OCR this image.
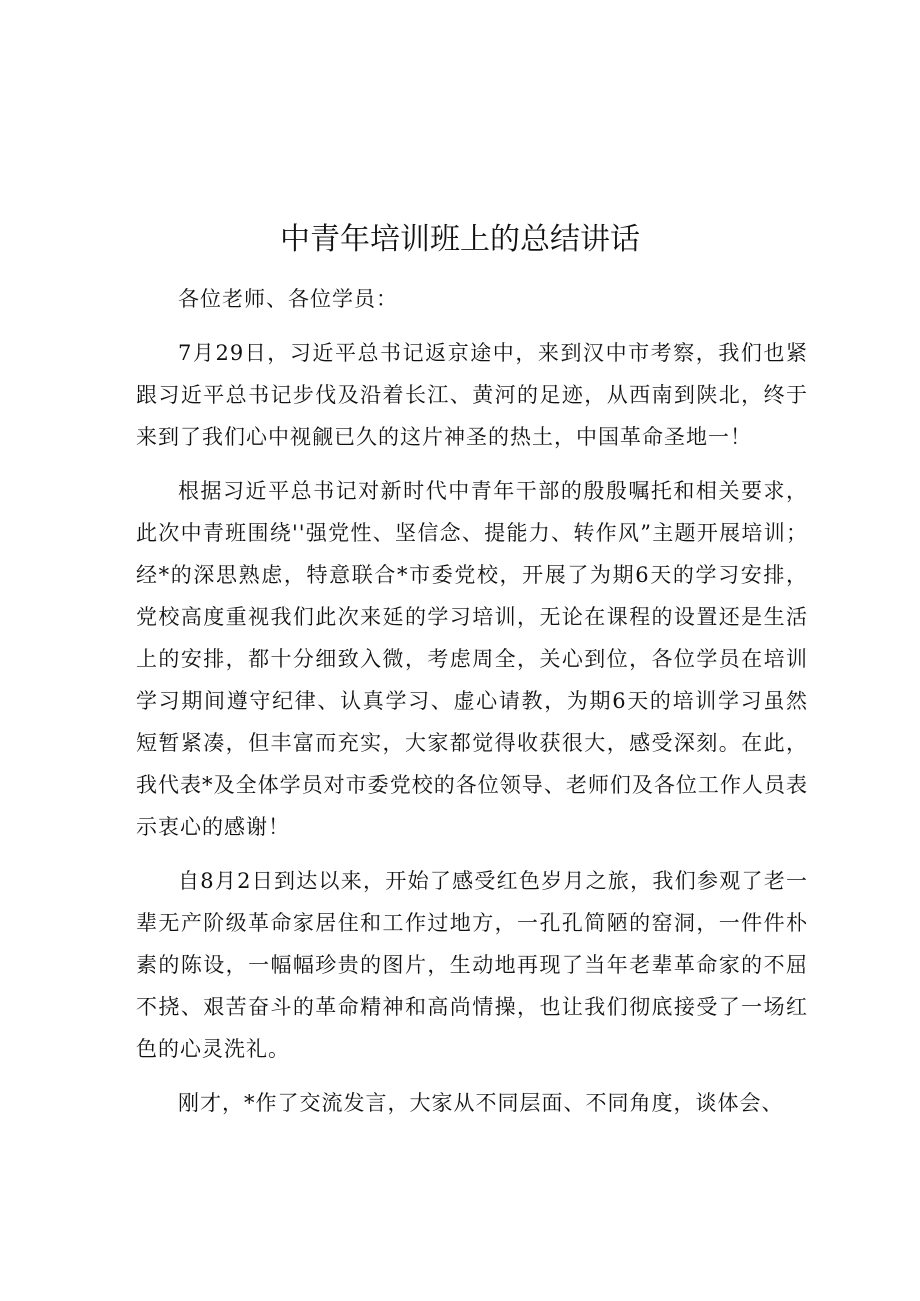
中青年培训班上的总结讲话

各位老师、各位学员：

7月29日，习近平总书记返京途中，来到汉中市考察，我们也紧跟习近平总书记步伐及沿着长江、黄河的足迹，从西南到陕北，终于来到了我们心中视觎已久的这片神圣的热土，中国革命圣地一！

根据习近平总书记对新时代中青年干部的殷殷嘱托和相关要求，此次中青班围绕''强党性、坚信念、提能力、转作风”主题开展培训；经*的深思熟虑，特意联合*市委党校，开展了为期6天的学习安排，党校高度重视我们此次来延的学习培训，无论在课程的设置还是生活上的安排，都十分细致入微，考虑周全，关心到位，各位学员在培训学习期间遵守纪律、认真学习、虚心请教，为期6天的培训学习虽然短暂紧凑，但丰富而充实，大家都觉得收获很大，感受深刻。在此，我代表*及全体学员对市委党校的各位领导、老师们及各位工作人员表示衷心的感谢！

自8月2日到达以来，开始了感受红色岁月之旅，我们参观了老一辈无产阶级革命家居住和工作过地方，一孔孔简陋的窑洞，一件件朴素的陈设，一幅幅珍贵的图片，生动地再现了当年老辈革命家的不屈不挠、艰苦奋斗的革命精神和高尚情操，也让我们彻底接受了一场红色的心灵洗礼。

刚才，*作了交流发言，大家从不同层面、不同角度，谈体会、
